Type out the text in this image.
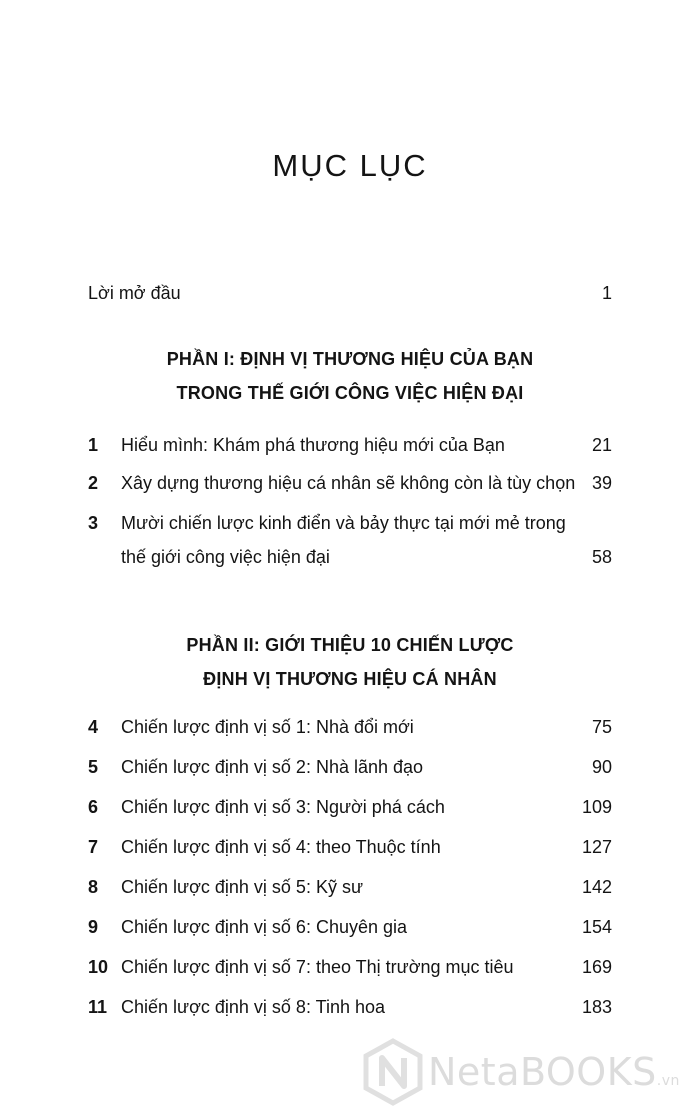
MỤC LỤC
Lời mở đầu	1
PHẦN I: ĐỊNH VỊ THƯƠNG HIỆU CỦA BẠN
TRONG THẾ GIỚI CÔNG VIỆC HIỆN ĐẠI
1 Hiểu mình: Khám phá thương hiệu mới của Bạn	21
2 Xây dựng thương hiệu cá nhân sẽ không còn là tùy chọn 39
3 Mười chiến lược kinh điển và bảy thực tại mới mẻ trong
thế giới công việc hiện đại	58
PHẦN II: GIỚI THIỆU 10 CHIẾN LƯỢC
ĐỊNH VỊ THƯƠNG HIỆU CÁ NHÂN
4 Chiến lược định vị số 1: Nhà đổi mới	75
5 Chiến lược định vị số 2: Nhà lãnh đạo	90
6 Chiến lược định vị số 3: Người phá cách	109
7 Chiến lược định vị số 4: theo Thuộc tính	127
8 Chiến lược định vị số 5: Kỹ sư	142
9 Chiến lược định vị số 6: Chuyên gia	154
10 Chiến lược định vị số 7: theo Thị trường mục tiêu	169
11 Chiến lược định vị số 8: Tinh hoa	183
NetaBOOKS.vn
